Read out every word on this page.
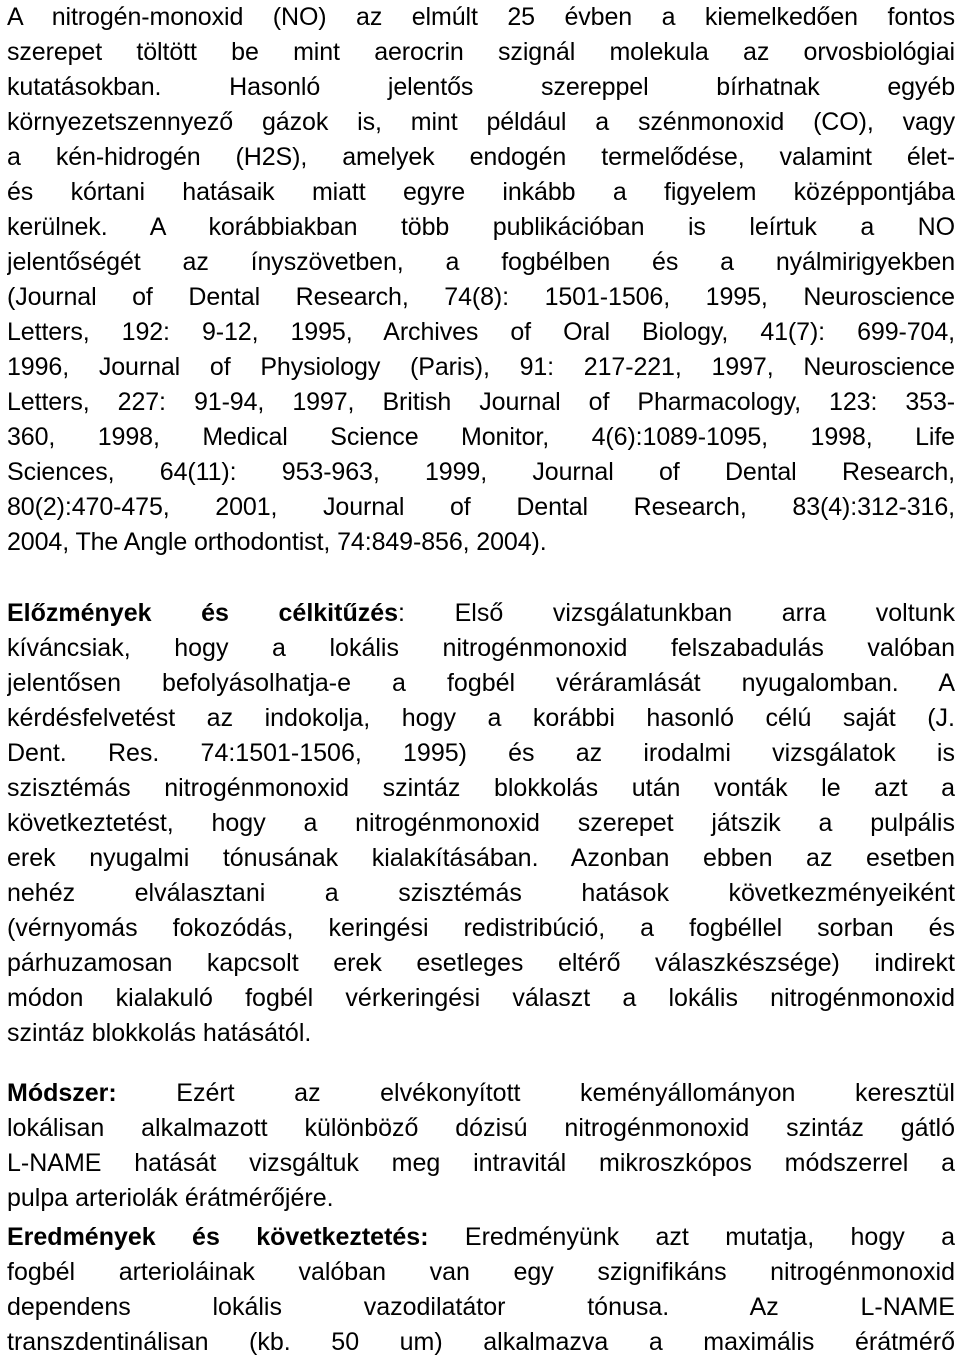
A nitrogén-monoxid (NO) az elmúlt 25 évben a kiemelkedően fontos
szerepet töltött be mint aerocrin szignál molekula az orvosbiológiai
kutatásokban. Hasonló jelentős szereppel bírhatnak egyéb
környezetszennyező gázok is, mint például a szénmonoxid (CO), vagy
a kén-hidrogén (H2S), amelyek endogén termelődése, valamint élet-
és kórtani hatásaik miatt egyre inkább a figyelem középpontjába
kerülnek. A korábbiakban több publikációban is leírtuk a NO
jelentőségét az ínyszövetben, a fogbélben és a nyálmirigyekben
(Journal of Dental Research, 74(8): 1501-1506, 1995, Neuroscience
Letters, 192: 9-12, 1995, Archives of Oral Biology, 41(7): 699-704,
1996, Journal of Physiology (Paris), 91: 217-221, 1997, Neuroscience
Letters, 227: 91-94, 1997, British Journal of Pharmacology, 123: 353-
360, 1998, Medical Science Monitor, 4(6):1089-1095, 1998, Life
Sciences, 64(11): 953-963, 1999, Journal of Dental Research,
80(2):470-475, 2001, Journal of Dental Research, 83(4):312-316,
2004, The Angle orthodontist, 74:849-856, 2004).
Előzmények és célkitűzés: Első vizsgálatunkban arra voltunk
kíváncsiak, hogy a lokális nitrogénmonoxid felszabadulás valóban
jelentősen befolyásolhatja-e a fogbél véráramlását nyugalomban. A
kérdésfelvetést az indokolja, hogy a korábbi hasonló célú saját (J.
Dent. Res. 74:1501-1506, 1995) és az irodalmi vizsgálatok is
szisztémás nitrogénmonoxid szintáz blokkolás után vonták le azt a
következtetést, hogy a nitrogénmonoxid szerepet játszik a pulpális
erek nyugalmi tónusának kialakításában. Azonban ebben az esetben
nehéz elválasztani a szisztémás hatások következményeiként
(vérnyomás fokozódás, keringési redistribúció, a fogbéllel sorban és
párhuzamosan kapcsolt erek esetleges eltérő válaszkészsége) indirekt
módon kialakuló fogbél vérkeringési választ a lokális nitrogénmonoxid
szintáz blokkolás hatásától.
Módszer: Ezért az elvékonyított keményállományon keresztül
lokálisan alkalmazott különböző dózisú nitrogénmonoxid szintáz gátló
L-NAME hatását vizsgáltuk meg intravitál mikroszkópos módszerrel a
pulpa arteriolák érátmérőjére.
Eredmények és következtetés: Eredményünk azt mutatja, hogy a
fogbél arterioláinak valóban van egy szignifikáns nitrogénmonoxid
dependens lokális vazodilatátor tónusa. Az L-NAME
transzdentinálisan (kb. 50 um) alkalmazva a maximális érátmérő
